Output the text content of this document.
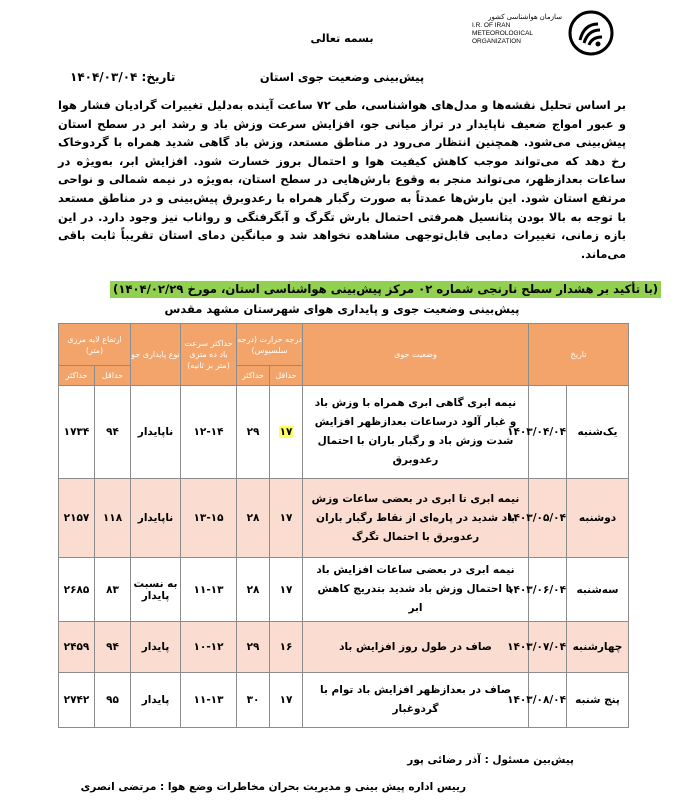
سازمان هواشناسی کشور
I.R. OF IRAN
METEOROLOGICAL
ORGANIZATION
بسمه تعالی
پیش‌بینی وضعیت جوی استان
تاریخ: ۱۴۰۴/۰۳/۰۴
بر اساس تحلیل نقشه‌ها و مدل‌های هواشناسی، طی ۷۲ ساعت آینده به‌دلیل تغییرات گرادیان فشار هوا و عبور امواج ضعیف ناپایدار در تراز میانی جو، افزایش سرعت وزش باد و رشد ابر در سطح استان پیش‌بینی می‌شود. همچنین انتظار می‌رود در مناطق مستعد، وزش باد گاهی شدید همراه با گردوخاک رخ دهد که می‌تواند موجب کاهش کیفیت هوا و احتمال بروز خسارت شود. افزایش ابر، به‌ویژه در ساعات بعدازظهر، می‌تواند منجر به وقوع بارش‌هایی در سطح استان، به‌ویژه در نیمه شمالی و نواحی مرتفع استان شود. این بارش‌ها عمدتاً به صورت رگبار همراه با رعدوبرق پیش‌بینی و در مناطق مستعد با توجه به بالا بودن پتانسیل همرفتی احتمال بارش تگرگ و آبگرفتگی و رواناب نیز وجود دارد. در این بازه زمانی، تغییرات دمایی قابل‌توجهی مشاهده نخواهد شد و میانگین دمای استان تقریباً ثابت باقی می‌ماند.
(با تأکید بر هشدار سطح نارنجی شماره ۰۲ مرکز پیش‌بینی هواشناسی استان، مورخ ۱۴۰۴/۰۲/۲۹)
پیش‌بینی وضعیت جوی و پایداری هوای شهرستان مشهد مقدس
تاریخ		وضعیت جوی	درجه حرارت (درجه سلسیوس)		حداکثر سرعت باد ده متری (متر بر ثانیه)	نوع پایداری جو	ارتفاع لایه مرزی (متر)	
			حداقل	حداکثر			حداقل	حداکثر
یک‌شنبه	۱۴۰۳/۰۴/۰۴	نیمه ابری گاهی ابری همراه با وزش باد و غبار آلود درساعات بعدازظهر افزایش شدت وزش باد و رگبار باران با احتمال رعدوبرق	۱۷	۲۹	۱۲-۱۴	ناپایدار	۹۴	۱۷۳۴
دوشنبه	۱۴۰۳/۰۵/۰۴	نیمه ابری تا ابری در بعضی ساعات وزش باد شدید در پاره‌ای از نقاط رگبار باران رعدوبرق با احتمال تگرگ	۱۷	۲۸	۱۳-۱۵	ناپایدار	۱۱۸	۲۱۵۷
سه‌شنبه	۱۴۰۳/۰۶/۰۴	نیمه ابری در بعضی ساعات افزایش باد با احتمال وزش باد شدید بتدریج کاهش ابر	۱۷	۲۸	۱۱-۱۳	به نسبت پایدار	۸۳	۲۶۸۵
چهارشنبه	۱۴۰۳/۰۷/۰۴	صاف در طول روز افزایش باد	۱۶	۲۹	۱۰-۱۲	پایدار	۹۴	۲۴۵۹
پنج شنبه	۱۴۰۳/۰۸/۰۴	صاف در بعدازظهر افزایش باد توام با گردوغبار	۱۷	۳۰	۱۱-۱۳	پایدار	۹۵	۲۷۴۲
پیش‌بین مسئول : آذر رضائی پور
رییس اداره پیش بینی و مدیریت بحران مخاطرات وضع هوا : مرتضی انصری
